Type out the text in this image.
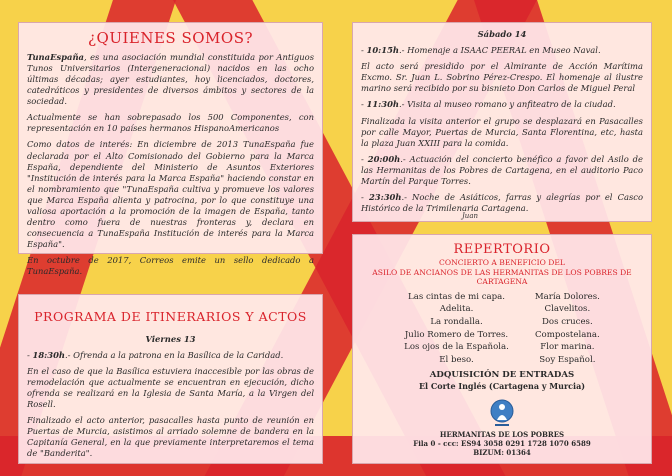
¿QUIENES SOMOS?

TunaEspaña, es una asociación mundial constituida por Antiguos Tunos Universitarios (Intergeneracional) nacidos en las ocho últimas décadas; ayer estudiantes, hoy licenciados, doctores, catedráticos y presidentes de diversos ámbitos y sectores de la sociedad.

Actualmente se han sobrepasado los 500 Componentes, con representación en 10 países hermanos HispanoAmericanos

Como datos de interés: En diciembre de 2013 TunaEspaña fue declarada por el Alto Comisionado del Gobierno para la Marca España, dependiente del Ministerio de Asuntos Exteriores "Institución de interés para la Marca España" haciendo constar en el nombramiento que "TunaEspaña cultiva y promueve los valores que Marca España alienta y patrocina, por lo que constituye una valiosa aportación a la promoción de la imagen de España, tanto dentro como fuera de nuestras fronteras y, declara en consecuencia a TunaEspaña Institución de interés para la Marca España".

En octubre de 2017, Correos emite un sello dedicado a TunaEspaña.

PROGRAMA DE ITINERARIOS Y ACTOS
Viernes 13

- 18:30h.- Ofrenda a la patrona en la Basílica de la Caridad.

En el caso de que la Basílica estuviera inaccesible por las obras de remodelación que actualmente se encuentran en ejecución, dicho ofrenda se realizará en la Iglesia de Santa María, a la Virgen del Rosell.

Finalizado el acto anterior, pasacalles hasta punto de reunión en Puertas de Murcia, asistimos al arriado solemne de bandera en la Capitanía General, en la que previamente interpretaremos el tema de "Banderita".

Sábado 14

- 10:15h.- Homenaje a ISAAC PEERAL en Museo Naval.

El acto será presidido por el Almirante de Acción Marítima Excmo. Sr. Juan L. Sobrino Pérez-Crespo. El homenaje al ilustre marino será recibido por su bisnieto Don Carlos de Miguel Peral

- 11:30h.- Visita al museo romano y anfiteatro de la ciudad.

Finalizada la visita anterior el grupo se desplazará en Pasacalles por calle Mayor, Puertas de Murcia, Santa Florentina, etc, hasta la plaza Juan XXIII para la comida.

- 20:00h.- Actuación del concierto benéfico a favor del Asilo de las Hermanitas de los Pobres de Cartagena, en el auditorio Paco Martín del Parque Torres.

- 23:30h.- Noche de Asiáticos, farras y alegrías por el Casco Histórico de la Trimilenaria Cartagena.

Juan
REPERTORIO
CONCIERTO A BENEFICIO DEL
ASILO DE ANCIANOS DE LAS HERMANITAS DE LOS POBRES DE CARTAGENA
Las cintas de mi capa.
Adelita.
La rondalla.
Julio Romero de Torres.
Los ojos de la Española.
El beso.
María Dolores.
Clavelitos.
Dos cruces.
Compostelana.
Flor marina.
Soy Español.
ADQUISICIÓN DE ENTRADAS
El Corte Inglés (Cartagena y Murcia)
HERMANITAS DE LOS POBRES
Fila 0 - ccc: ES94 3058 0291 1728 1070 6589
BIZUM: 01364
